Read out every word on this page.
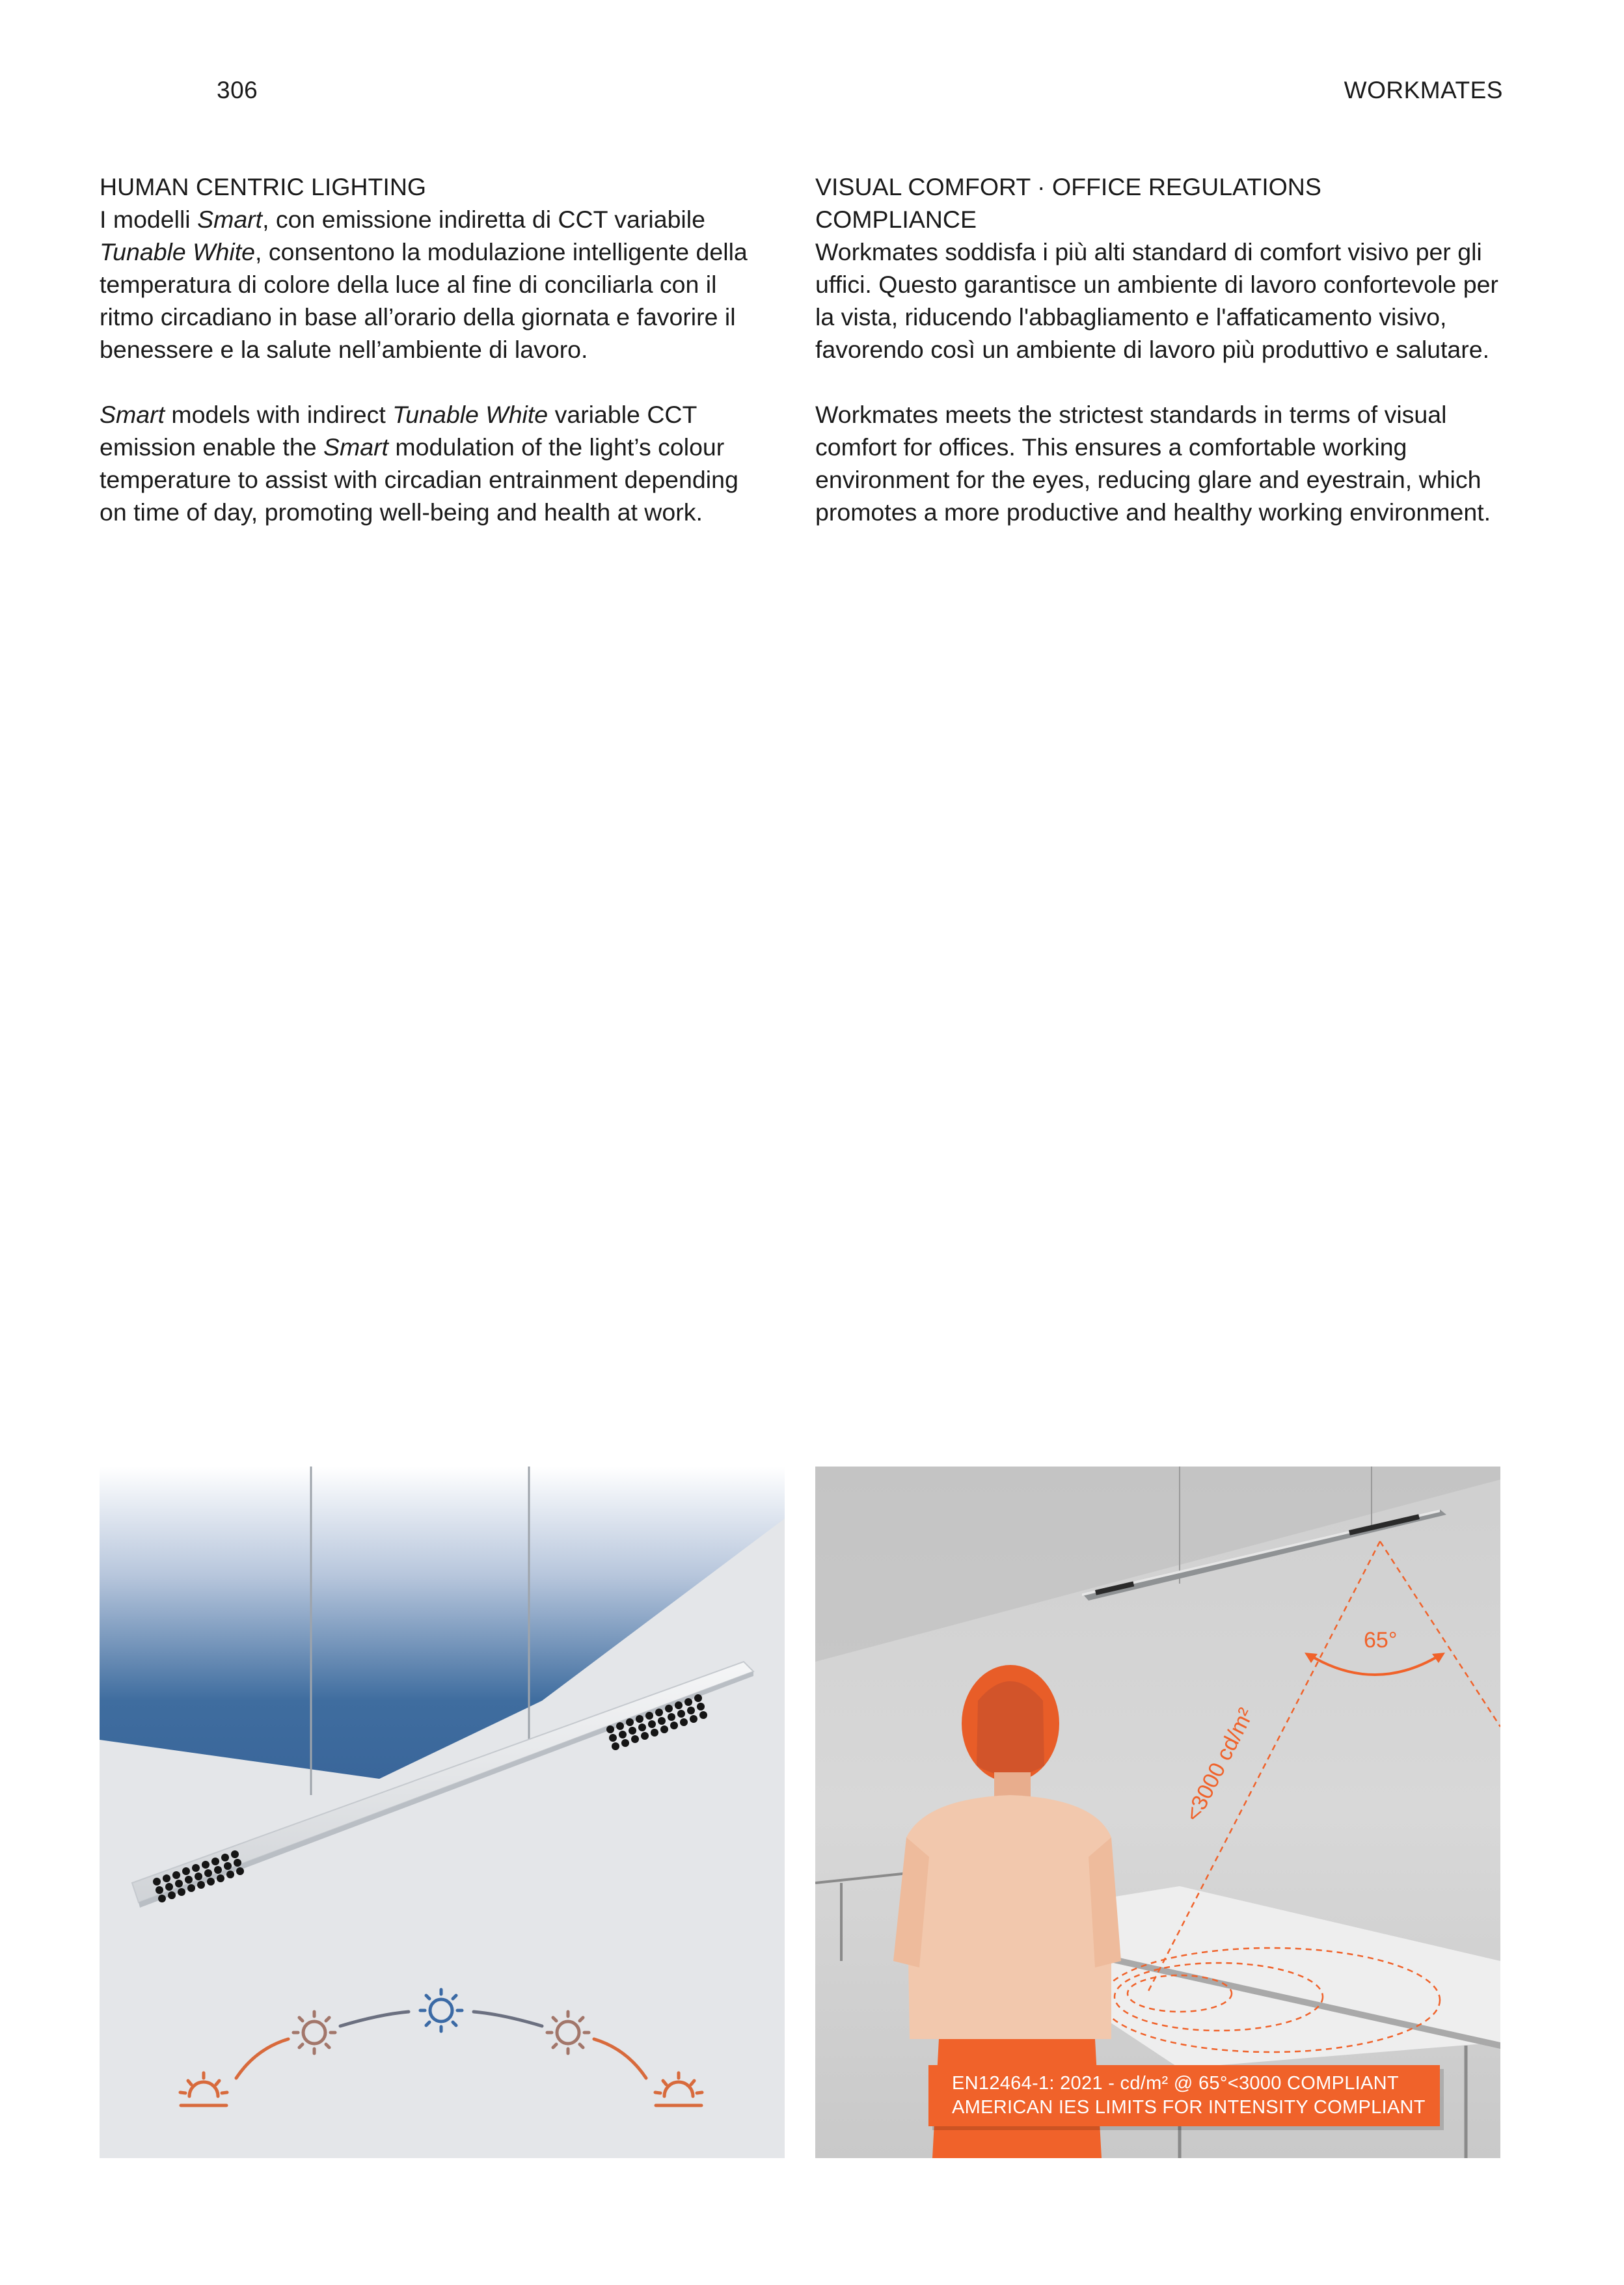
306	WORKMATES

HUMAN CENTRIC LIGHTING

I modelli Smart, con emissione indiretta di CCT variabile Tunable White, consentono la modulazione intelligente della temperatura di colore della luce al fine di conciliarla con il ritmo circadiano in base all’orario della giornata e favorire il benessere e la salute nell’ambiente di lavoro.

Smart models with indirect Tunable White variable CCT emission enable the Smart modulation of the light’s colour temperature to assist with circadian entrainment depending on time of day, promoting well-being and health at work.

VISUAL COMFORT · OFFICE REGULATIONS

COMPLIANCE

Workmates soddisfa i più alti standard di comfort visivo per gli uffici. Questo garantisce un ambiente di lavoro confortevole per la vista, riducendo l'abbagliamento e l'affaticamento visivo, favorendo così un ambiente di lavoro più produttivo e salutare.

Workmates meets the strictest standards in terms of visual comfort for offices. This ensures a comfortable working environment for the eyes, reducing glare and eyestrain, which promotes a more productive and healthy working environment.

65°
<3000 cd/m²
EN12464-1: 2021 - cd/m² @ 65°<3000 COMPLIANT
AMERICAN IES LIMITS FOR INTENSITY COMPLIANT
